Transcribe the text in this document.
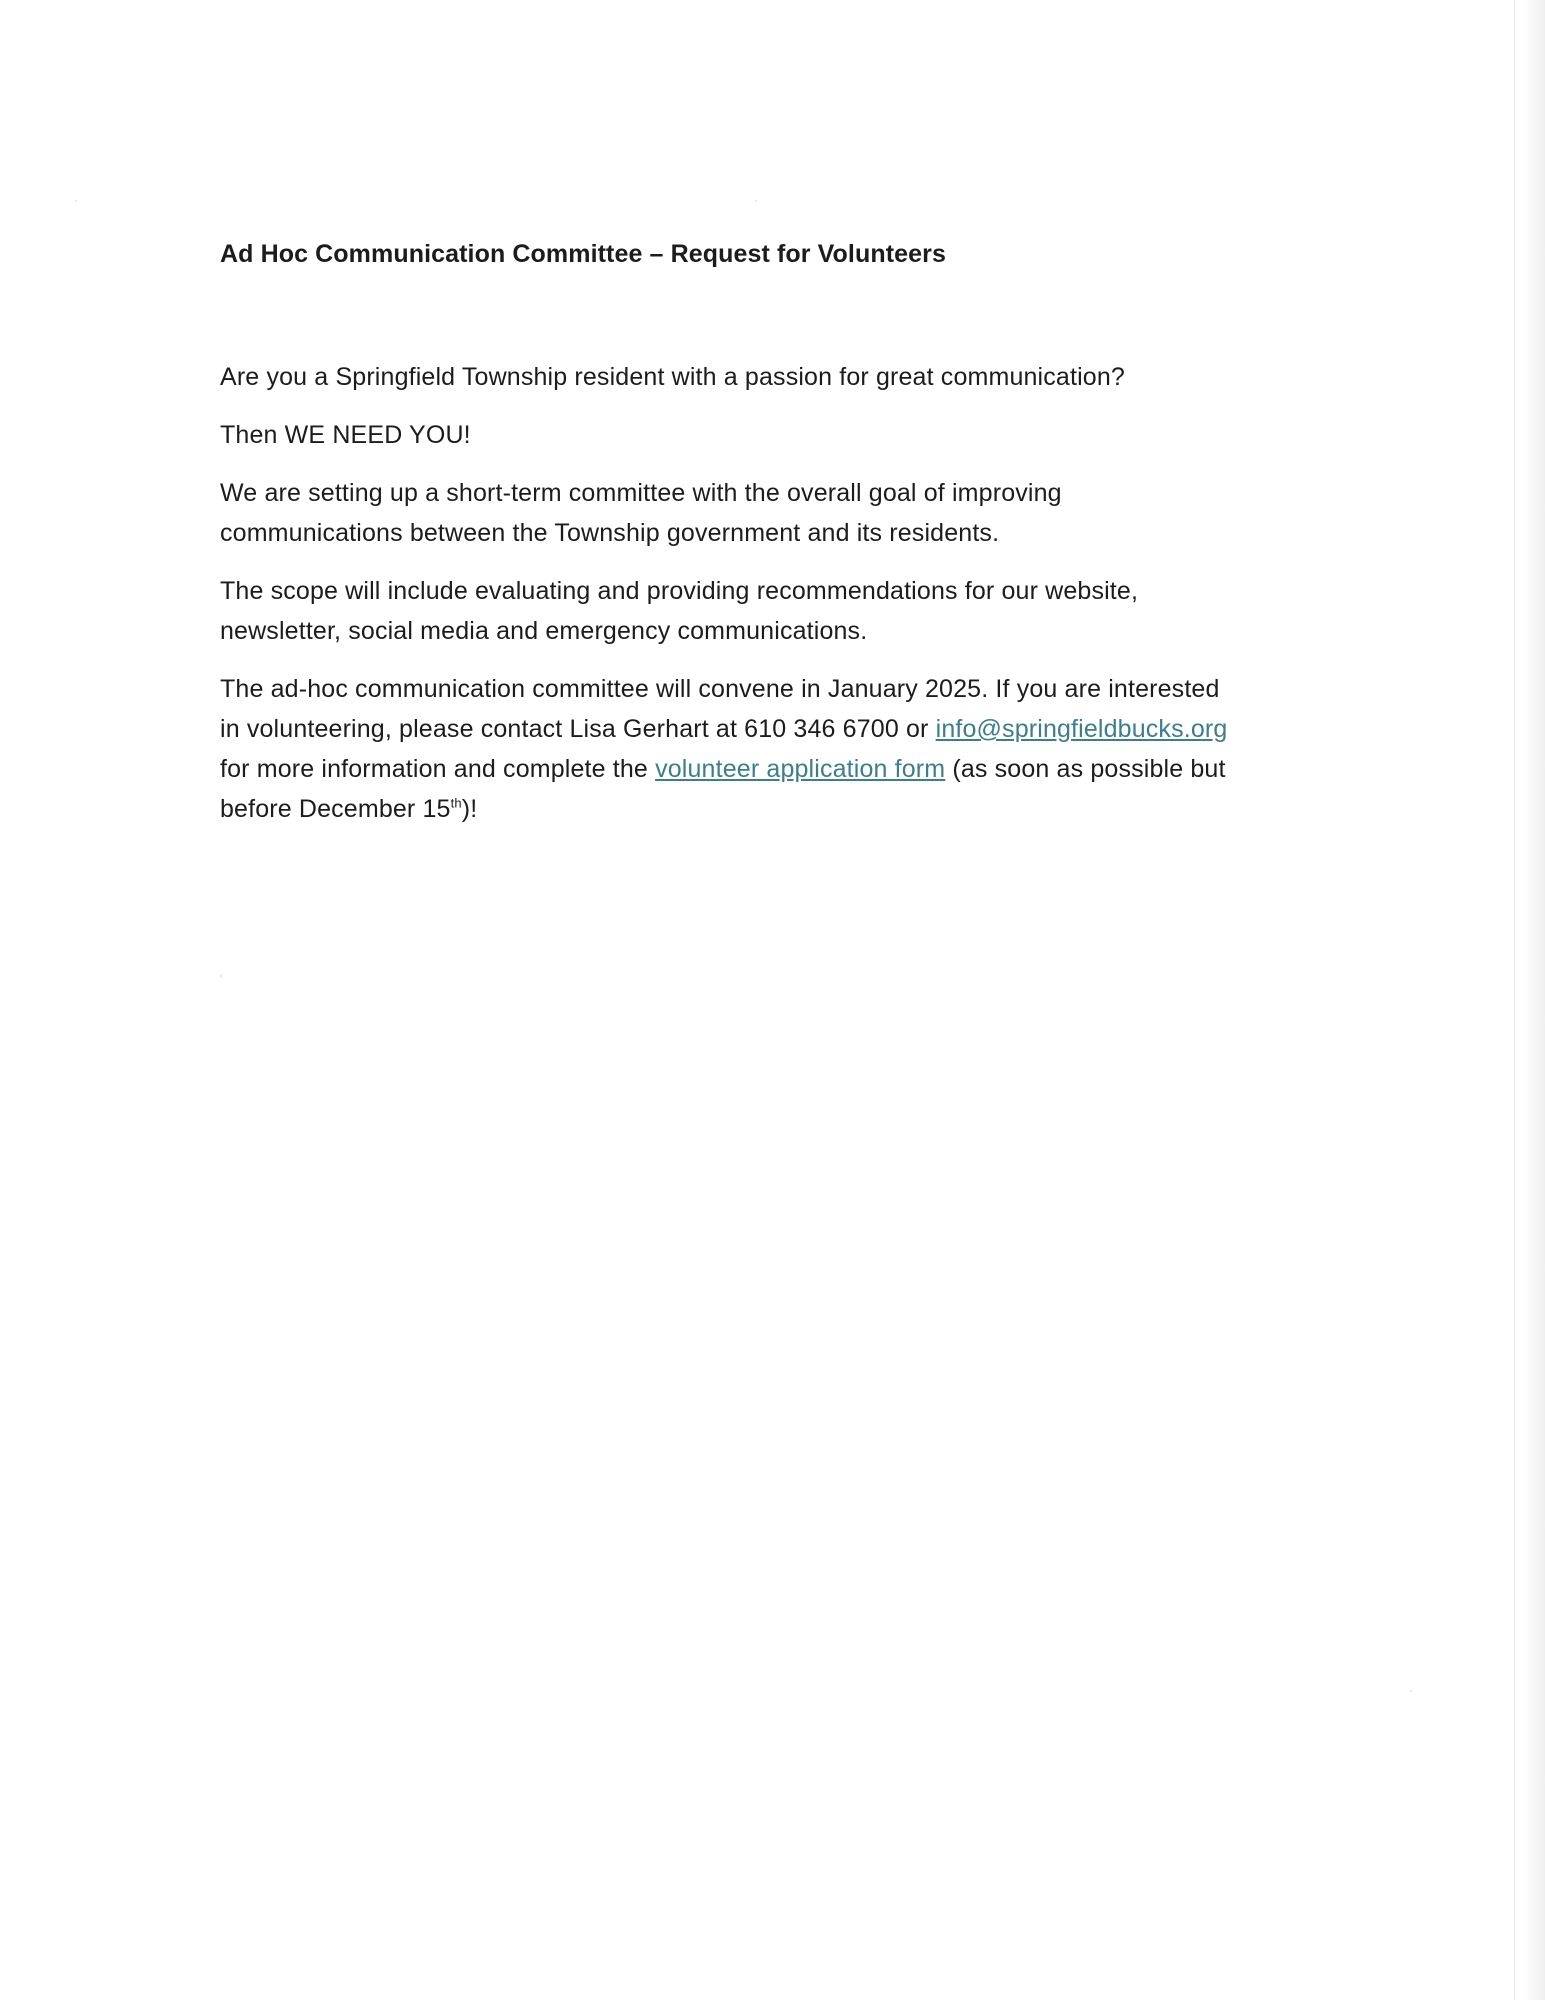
Ad Hoc Communication Committee – Request for Volunteers

Are you a Springfield Township resident with a passion for great communication?

Then WE NEED YOU!

We are setting up a short-term committee with the overall goal of improving
communications between the Township government and its residents.

The scope will include evaluating and providing recommendations for our website,
newsletter, social media and emergency communications.

The ad-hoc communication committee will convene in January 2025. If you are interested
in volunteering, please contact Lisa Gerhart at 610 346 6700 or info@springfieldbucks.org
for more information and complete the volunteer application form (as soon as possible but
before December 15th)!
